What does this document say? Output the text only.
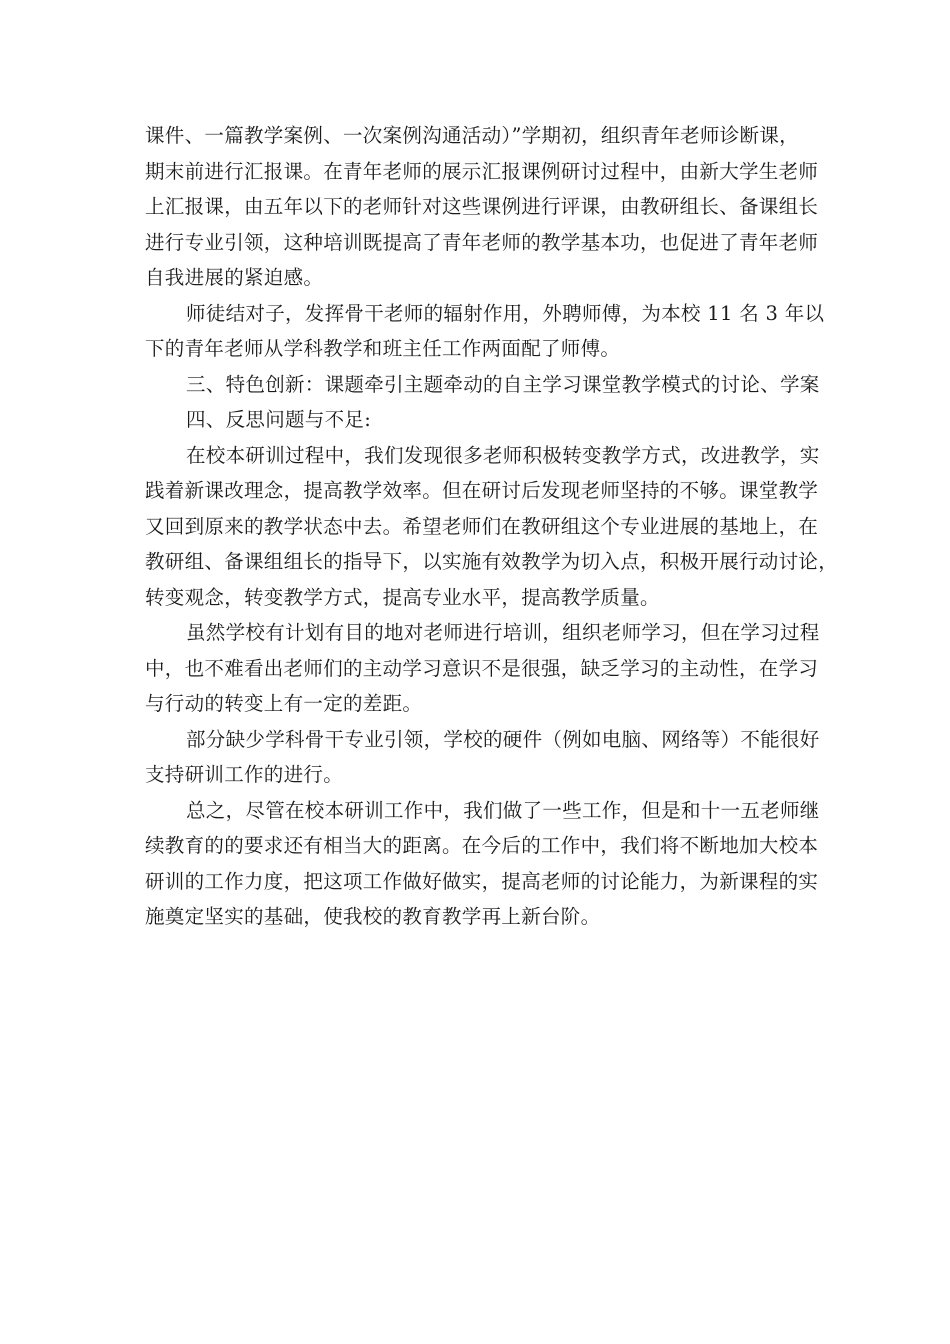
课件、一篇教学案例、一次案例沟通活动）”学期初，组织青年老师诊断课，
期末前进行汇报课。在青年老师的展示汇报课例研讨过程中，由新大学生老师
上汇报课，由五年以下的老师针对这些课例进行评课，由教研组长、备课组长
进行专业引领，这种培训既提高了青年老师的教学基本功，也促进了青年老师
自我进展的紧迫感。
师徒结对子，发挥骨干老师的辐射作用，外聘师傅，为本校 11 名 3 年以
下的青年老师从学科教学和班主任工作两面配了师傅。
三、特色创新：课题牵引主题牵动的自主学习课堂教学模式的讨论、学案
四、反思问题与不足:
在校本研训过程中，我们发现很多老师积极转变教学方式，改进教学，实
践着新课改理念，提高教学效率。但在研讨后发现老师坚持的不够。课堂教学
又回到原来的教学状态中去。希望老师们在教研组这个专业进展的基地上，在
教研组、备课组组长的指导下，以实施有效教学为切入点，积极开展行动讨论，
转变观念，转变教学方式，提高专业水平，提高教学质量。
虽然学校有计划有目的地对老师进行培训，组织老师学习，但在学习过程
中，也不难看出老师们的主动学习意识不是很强，缺乏学习的主动性，在学习
与行动的转变上有一定的差距。
部分缺少学科骨干专业引领，学校的硬件（例如电脑、网络等）不能很好
支持研训工作的进行。
总之，尽管在校本研训工作中，我们做了一些工作，但是和十一五老师继
续教育的的要求还有相当大的距离。在今后的工作中，我们将不断地加大校本
研训的工作力度，把这项工作做好做实，提高老师的讨论能力，为新课程的实
施奠定坚实的基础，使我校的教育教学再上新台阶。
